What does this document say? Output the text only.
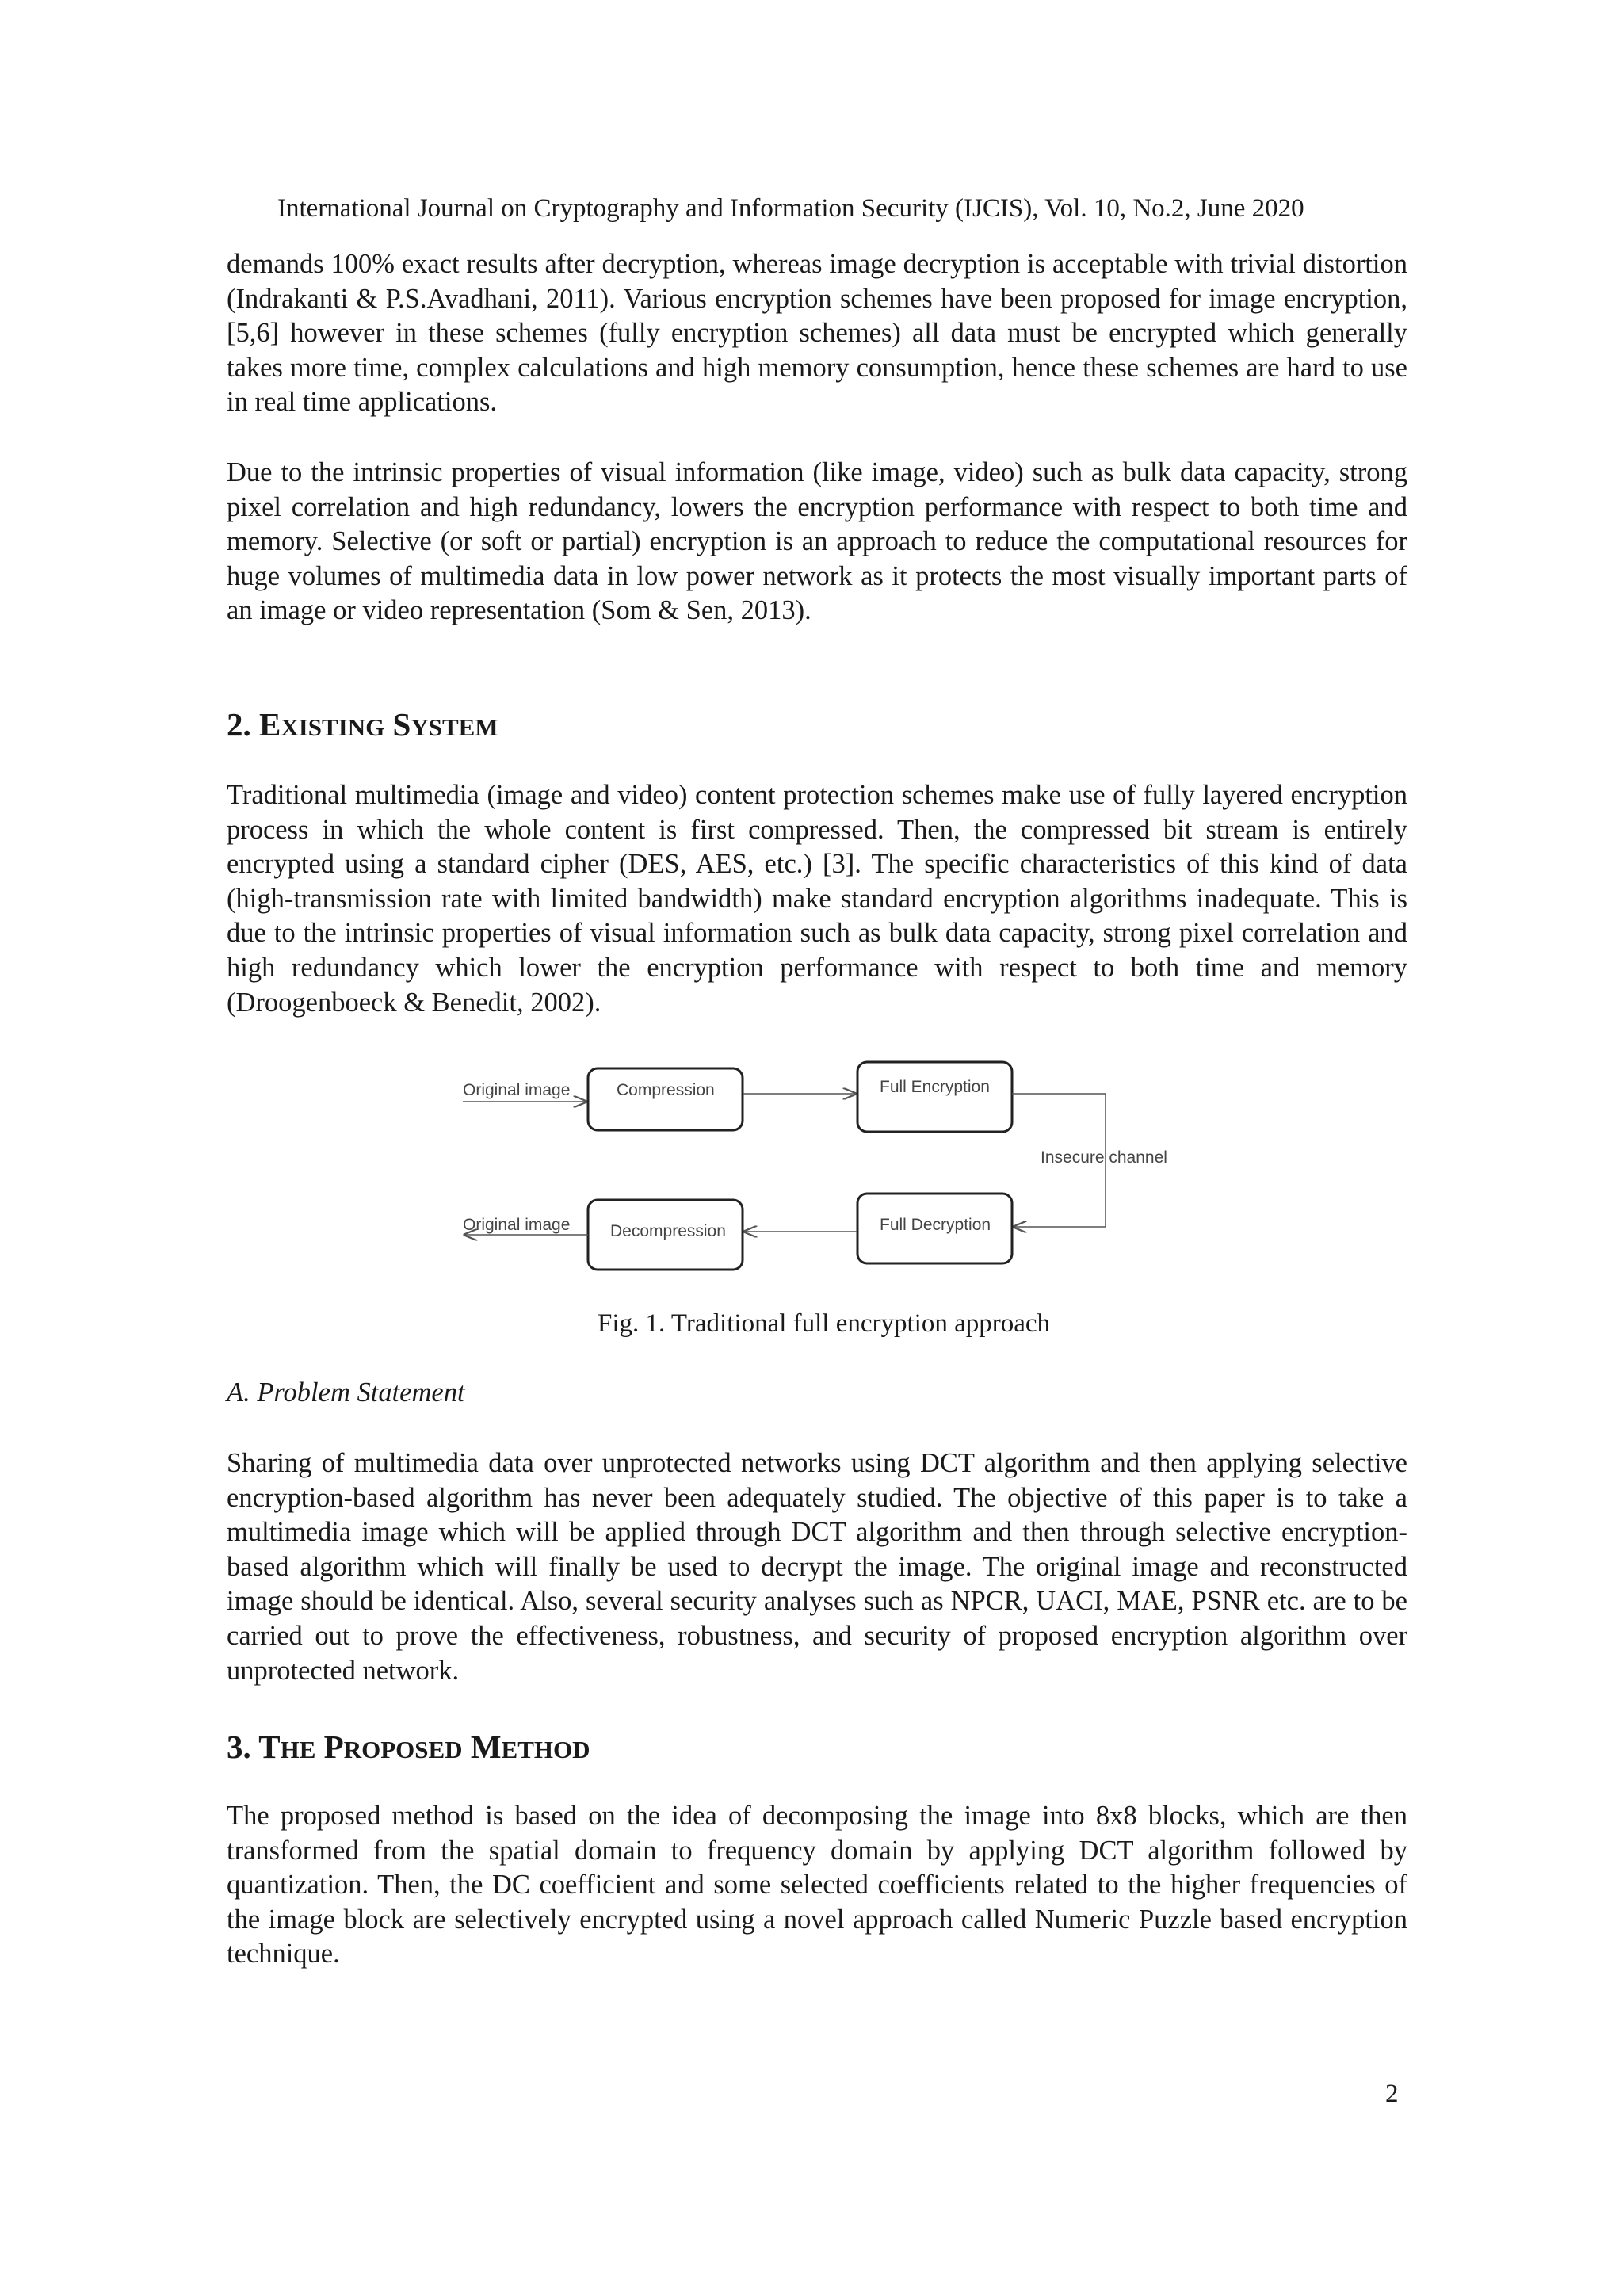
International Journal on Cryptography and Information Security (IJCIS), Vol. 10, No.2, June 2020

demands 100% exact results after decryption, whereas image decryption is acceptable with trivial distortion (Indrakanti & P.S.Avadhani, 2011). Various encryption schemes have been proposed for image encryption, [5,6] however in these schemes (fully encryption schemes) all data must be encrypted which generally takes more time, complex calculations and high memory consumption, hence these schemes are hard to use in real time applications.

Due to the intrinsic properties of visual information (like image, video) such as bulk data capacity, strong pixel correlation and high redundancy, lowers the encryption performance with respect to both time and memory. Selective (or soft or partial) encryption is an approach to reduce the computational resources for huge volumes of multimedia data in low power network as it protects the most visually important parts of an image or video representation (Som & Sen, 2013).

2. EXISTING SYSTEM

Traditional multimedia (image and video) content protection schemes make use of fully layered encryption process in which the whole content is first compressed. Then, the compressed bit stream is entirely encrypted using a standard cipher (DES, AES, etc.) [3]. The specific characteristics of this kind of data (high-transmission rate with limited bandwidth) make standard encryption algorithms inadequate. This is due to the intrinsic properties of visual information such as bulk data capacity, strong pixel correlation and high redundancy which lower the encryption performance with respect to both time and memory (Droogenboeck & Benedit, 2002).

Original image	Compression	Full Encryption
Insecure channel
Full Decryption
Decompression
Original image
Fig. 1. Traditional full encryption approach

A. Problem Statement

Sharing of multimedia data over unprotected networks using DCT algorithm and then applying selective encryption-based algorithm has never been adequately studied. The objective of this paper is to take a multimedia image which will be applied through DCT algorithm and then through selective encryption-based algorithm which will finally be used to decrypt the image. The original image and reconstructed image should be identical. Also, several security analyses such as NPCR, UACI, MAE, PSNR etc. are to be carried out to prove the effectiveness, robustness, and security of proposed encryption algorithm over unprotected network.

3. THE PROPOSED METHOD

The proposed method is based on the idea of decomposing the image into 8x8 blocks, which are then transformed from the spatial domain to frequency domain by applying DCT algorithm followed by quantization. Then, the DC coefficient and some selected coefficients related to the higher frequencies of the image block are selectively encrypted using a novel approach called Numeric Puzzle based encryption technique.

2
